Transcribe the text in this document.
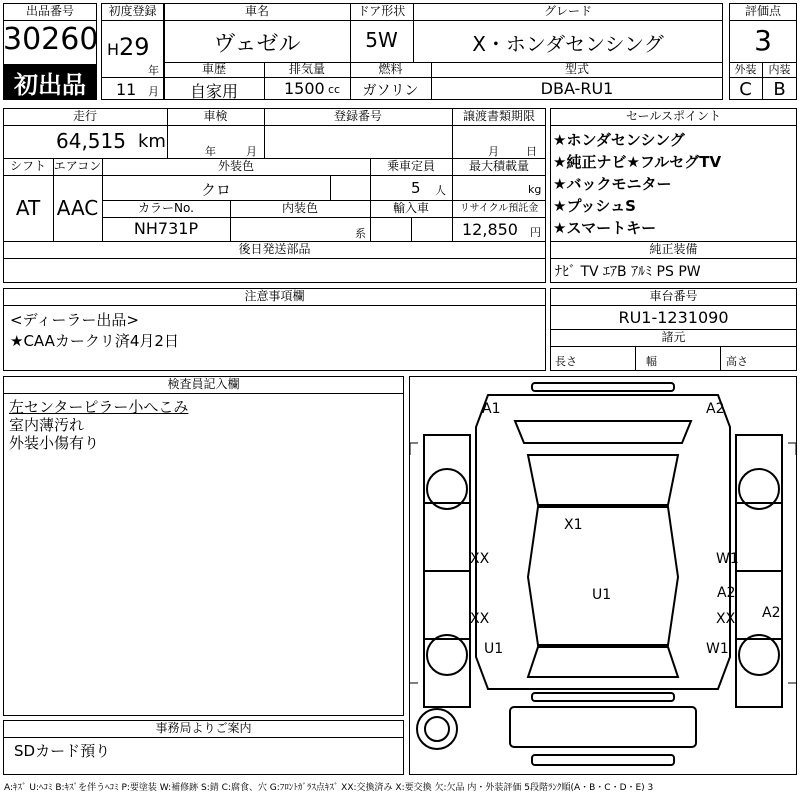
出品番号
30260
初出品
初度登録
H 29
年
11 月
車名
ヴェゼル
ドア形状
5W
グレード
X・ホンダセンシング
車歴
自家用
排気量
1500 cc
燃料
ガソリン
型式
DBA-RU1
評価点
3
外装	内装
C	B
走行
64,515 km
車検
年	月
登録番号	譲渡書類期限
月 日
シフト
AT
エアコン
AAC
外装色
クロ
乗車定員
5 人
最大積載量
kg
カラーNo.
NH731P
内装色
系
輸入車	リサイクル預託金
12,850 円
後日発送部品
セールスポイント
★ホンダセンシング
★純正ナビ★フルセグTV
★バックモニター
★プッシュS
★スマートキー
純正装備
ﾅﾋﾞ TV ｴｱB ｱﾙﾐ PS PW
注意事項欄
<ディーラー出品>
★CAAカークリ済4月2日
車台番号
RU1-1231090
諸元
長さ	幅	高さ
検査員記入欄
左センターピラー小へこみ
室内薄汚れ
外装小傷有り
事務局よりご案内
SDカード預り
A1	A2
X1
XX	W1
U1	A2
XX	XX A2
U1	W1
A:ｷｽﾞ U:ﾍｺﾐ B:ｷｽﾞを伴うﾍｺﾐ P:要塗装 W:補修跡 S:錆 C:腐食、穴 G:ﾌﾛﾝﾄｶﾞﾗｽ点ｷｽﾞ XX:交換済み X:要交換 欠:欠品 内・外装評価 5段階ﾗﾝｸ順(A・B・C・D・E) 3
